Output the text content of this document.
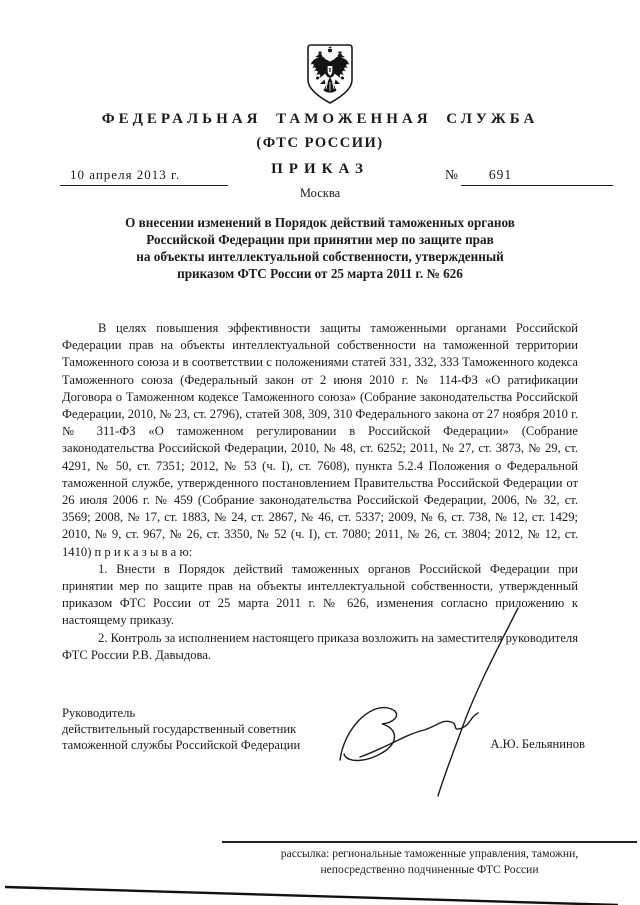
ФЕДЕРАЛЬНАЯ ТАМОЖЕННАЯ СЛУЖБА
(ФТС РОССИИ)
ПРИКАЗ
10 апреля 2013 г.	№ 691
Москва
О внесении изменений в Порядок действий таможенных органов
Российской Федерации при принятии мер по защите прав
на объекты интеллектуальной собственности, утвержденный
приказом ФТС России от 25 марта 2011 г. № 626

В целях повышения эффективности защиты таможенными органами Российской Федерации прав на объекты интеллектуальной собственности на таможенной территории Таможенного союза и в соответствии с положениями статей 331, 332, 333 Таможенного кодекса Таможенного союза (Федеральный закон от 2 июня 2010 г. № 114-ФЗ «О ратификации Договора о Таможенном кодексе Таможенного союза» (Собрание законодательства Российской Федерации, 2010, № 23, ст. 2796), статей 308, 309, 310 Федерального закона от 27 ноября 2010 г. № 311-ФЗ «О таможенном регулировании в Российской Федерации» (Собрание законодательства Российской Федерации, 2010, № 48, ст. 6252; 2011, № 27, ст. 3873, № 29, ст. 4291, № 50, ст. 7351; 2012, № 53 (ч. I), ст. 7608), пункта 5.2.4 Положения о Федеральной таможенной службе, утвержденного постановлением Правительства Российской Федерации от 26 июля 2006 г. № 459 (Собрание законодательства Российской Федерации, 2006, № 32, ст. 3569; 2008, № 17, ст. 1883, № 24, ст. 2867, № 46, ст. 5337; 2009, № 6, ст. 738, № 12, ст. 1429; 2010, № 9, ст. 967, № 26, ст. 3350, № 52 (ч. I), ст. 7080; 2011, № 26, ст. 3804; 2012, № 12, ст. 1410) п р и к а з ы в а ю:

1. Внести в Порядок действий таможенных органов Российской Федерации при принятии мер по защите прав на объекты интеллектуальной собственности, утвержденный приказом ФТС России от 25 марта 2011 г. № 626, изменения согласно приложению к настоящему приказу.

2. Контроль за исполнением настоящего приказа возложить на заместителя руководителя ФТС России Р.В. Давыдова.

Руководитель
действительный государственный советник
таможенной службы Российской Федерации	А.Ю. Бельянинов
рассылка: региональные таможенные управления, таможни,
непосредственно подчиненные ФТС России
